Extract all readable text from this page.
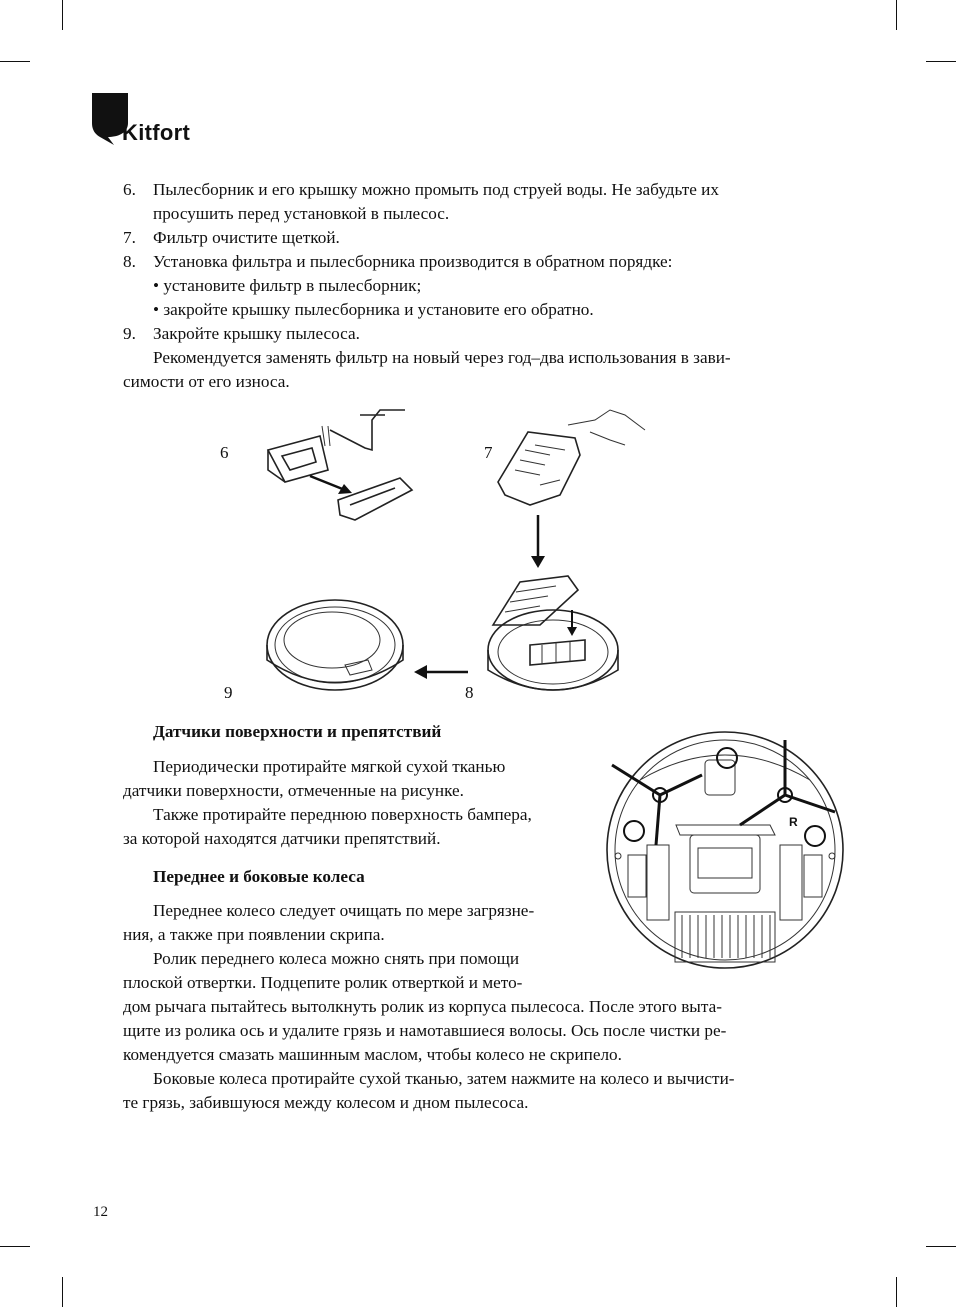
Kitfort
6. Пылесборник и его крышку можно промыть под струей воды. Не забудьте их
просушить перед установкой в пылесос.
7. Фильтр очистите щеткой.
8. Установка фильтра и пылесборника производится в обратном порядке:
• установите фильтр в пылесборник;
• закройте крышку пылесборника и установите его обратно.
9. Закройте крышку пылесоса.
Рекомендуется заменять фильтр на новый через год–два использования в зави-
симости от его износа.
6	7
9	8
R
Датчики поверхности и препятствий
Периодически протирайте мягкой сухой тканью
датчики поверхности, отмеченные на рисунке.
Также протирайте переднюю поверхность бампера,
за которой находятся датчики препятствий.
Переднее и боковые колеса
Переднее колесо следует очищать по мере загрязне-
ния, а также при появлении скрипа.
Ролик переднего колеса можно снять при помощи
плоской отвертки. Подцепите ролик отверткой и мето-
дом рычага пытайтесь вытолкнуть ролик из корпуса пылесоса. После этого выта-
щите из ролика ось и удалите грязь и намотавшиеся волосы. Ось после чистки ре-
комендуется смазать машинным маслом, чтобы колесо не скрипело.
Боковые колеса протирайте сухой тканью, затем нажмите на колесо и вычисти-
те грязь, забившуюся между колесом и дном пылесоса.
12
